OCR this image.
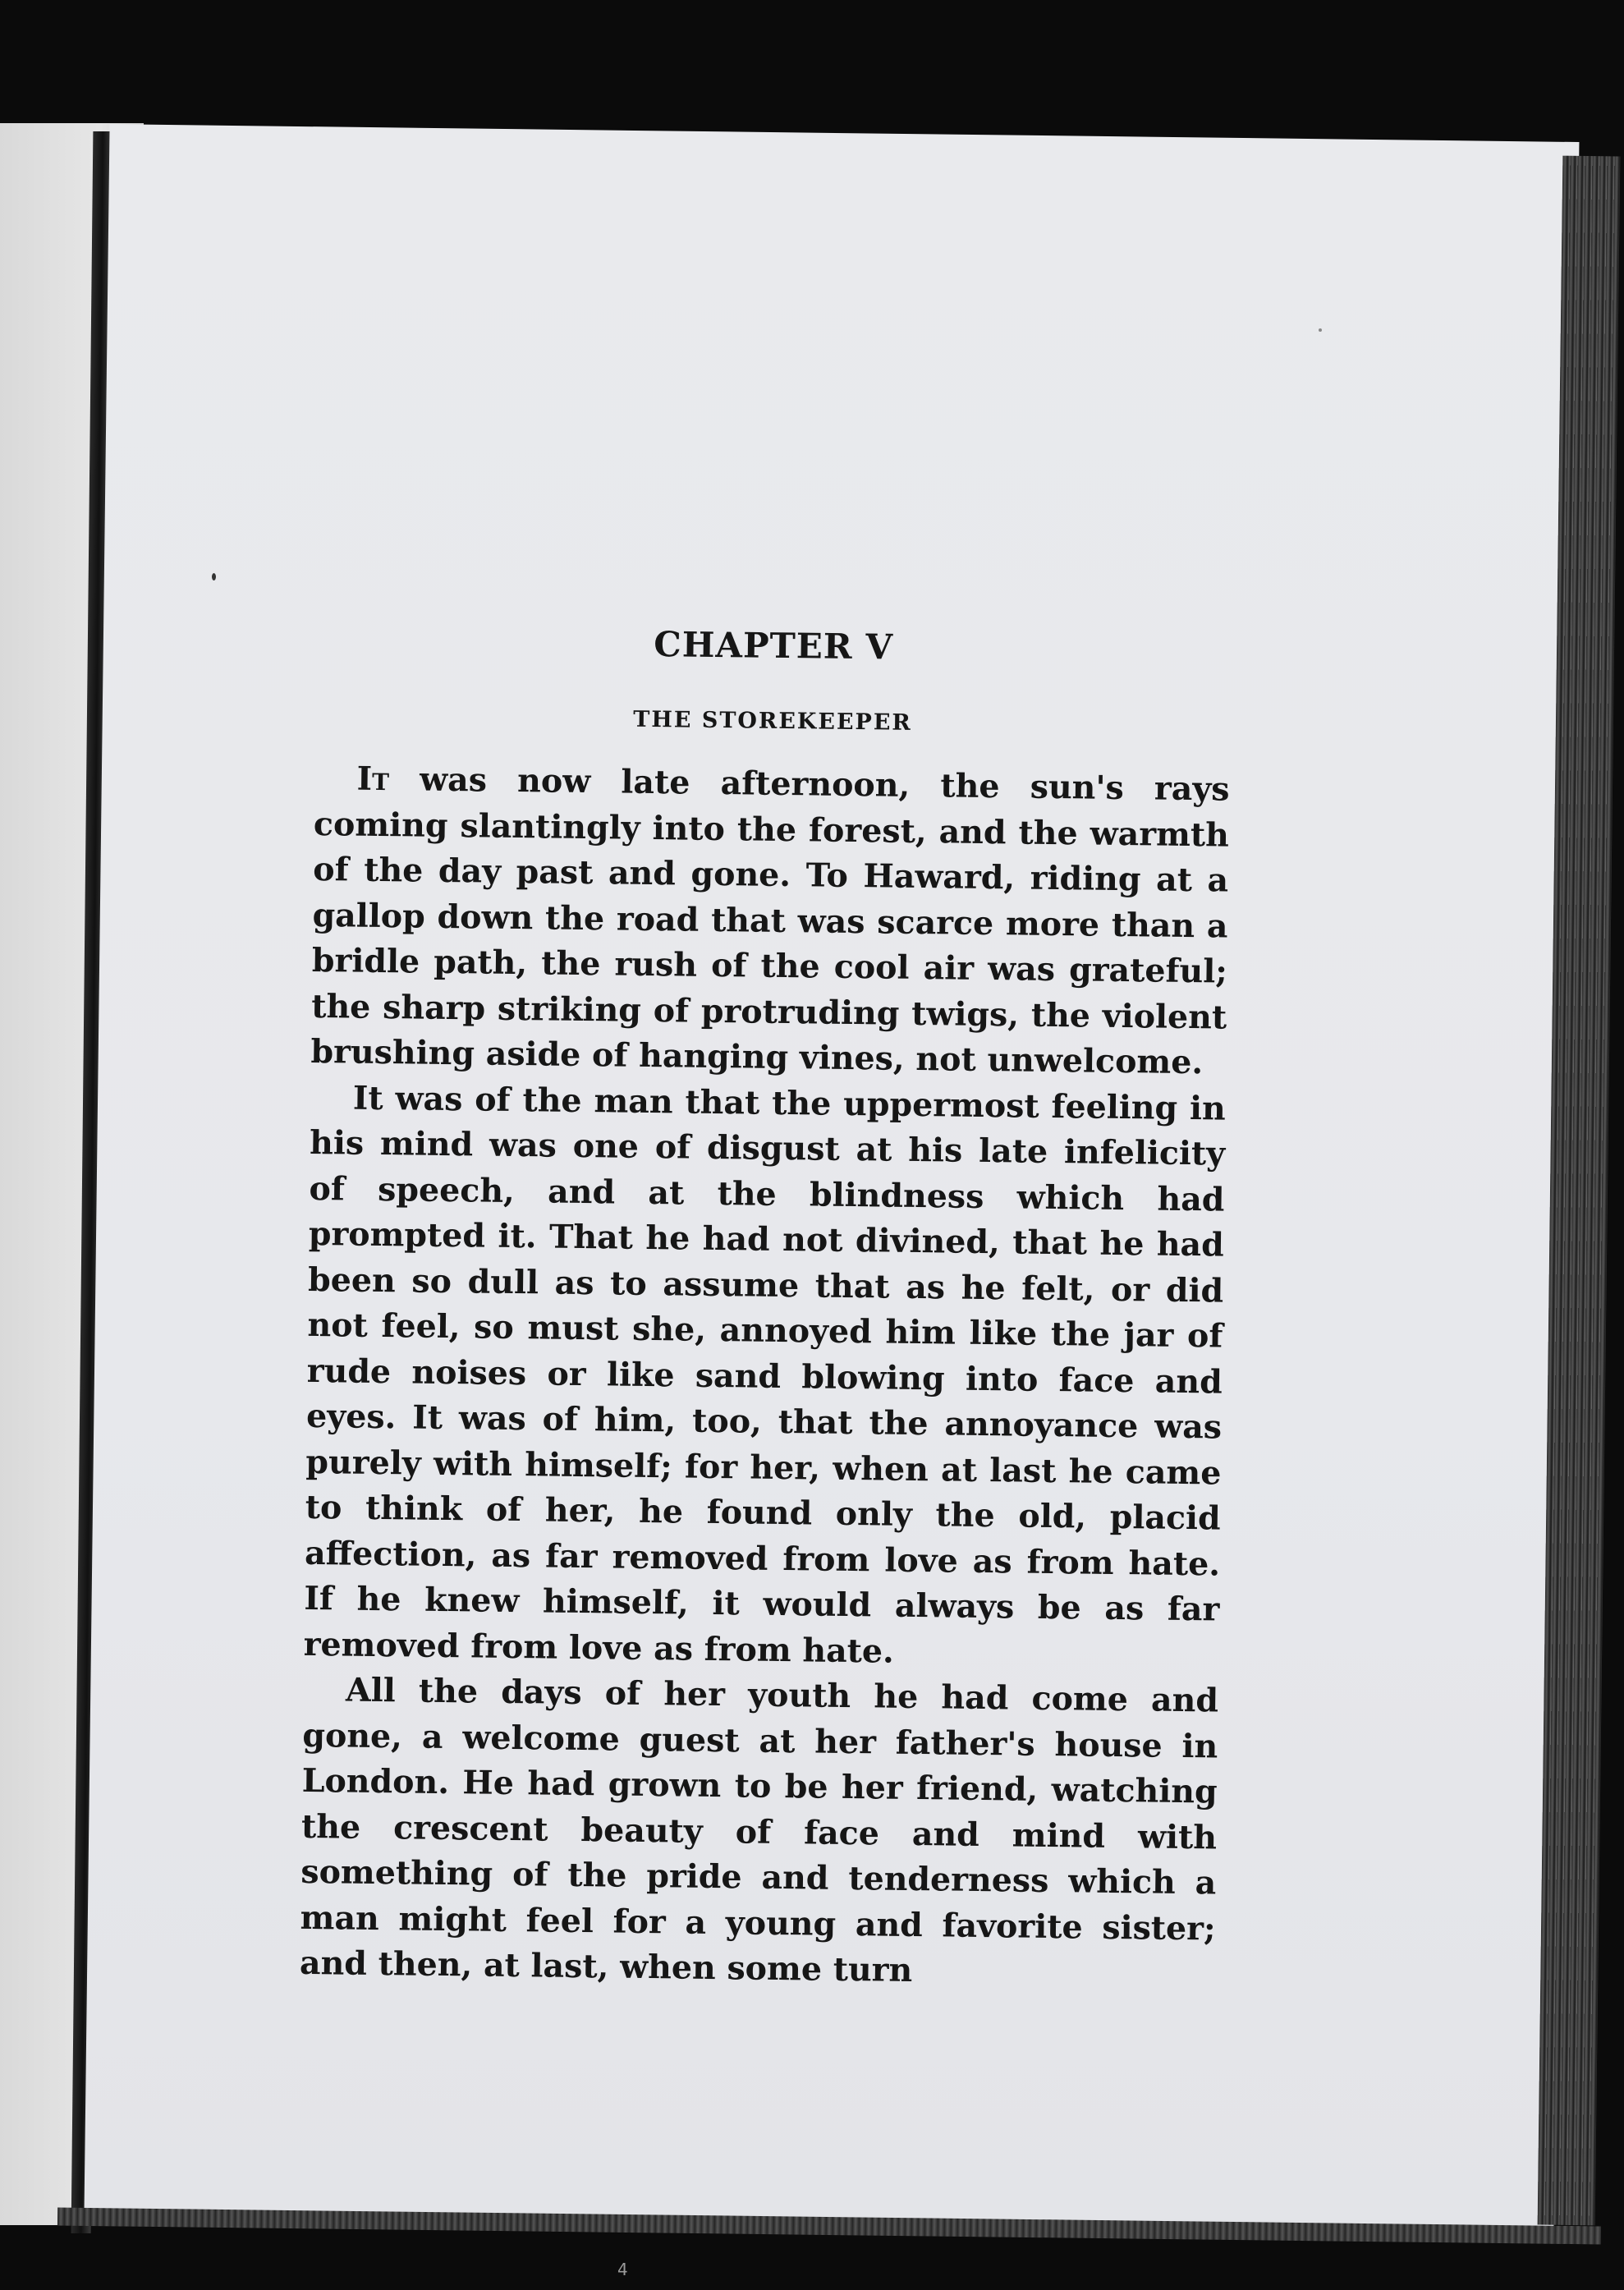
CHAPTER V
THE STOREKEEPER

It was now late afternoon, the sun's rays coming slantingly into the forest, and the warmth of the day past and gone. To Haward, riding at a gallop down the road that was scarce more than a bridle path, the rush of the cool air was grateful; the sharp striking of protruding twigs, the violent brushing aside of hanging vines, not unwelcome.

It was of the man that the uppermost feeling in his mind was one of disgust at his late infelicity of speech, and at the blindness which had prompted it. That he had not divined, that he had been so dull as to assume that as he felt, or did not feel, so must she, annoyed him like the jar of rude noises or like sand blowing into face and eyes. It was of him, too, that the annoyance was purely with himself; for her, when at last he came to think of her, he found only the old, placid affection, as far removed from love as from hate. If he knew himself, it would always be as far removed from love as from hate.

All the days of her youth he had come and gone, a welcome guest at her father's house in London. He had grown to be her friend, watching the crescent beauty of face and mind with something of the pride and tenderness which a man might feel for a young and favorite sister; and then, at last, when some turn

4
